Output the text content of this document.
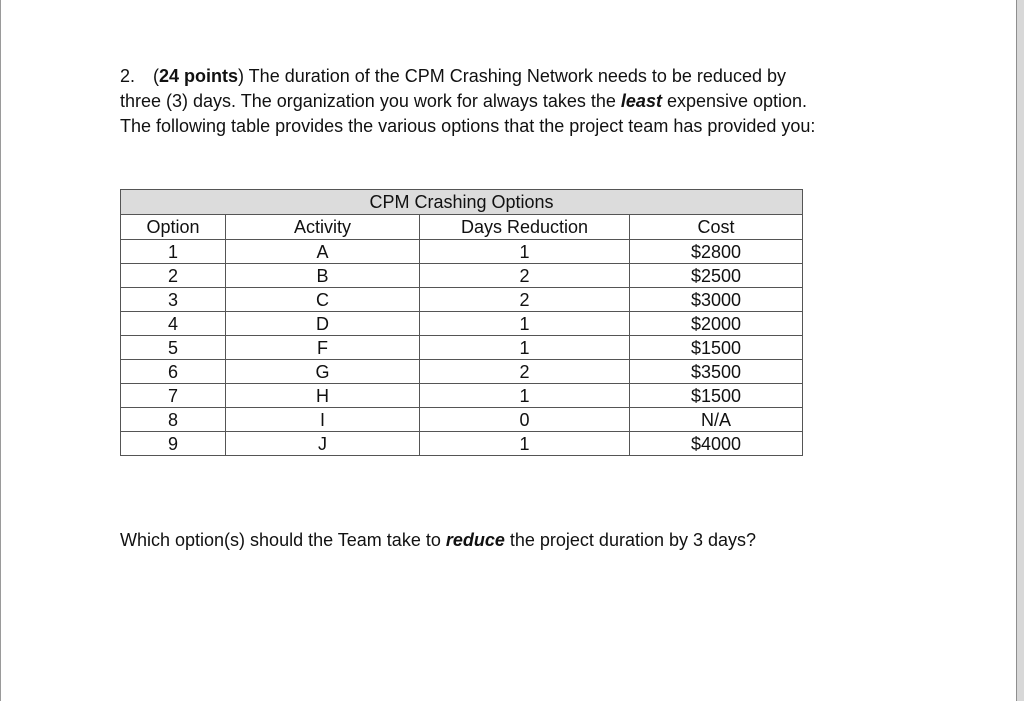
2. (24 points) The duration of the CPM Crashing Network needs to be reduced by

three (3) days. The organization you work for always takes the least expensive option.

The following table provides the various options that the project team has provided you:

CPM Crashing Options			
Option	Activity	Days Reduction	Cost
1	A	1	$2800
2	B	2	$2500
3	C	2	$3000
4	D	1	$2000
5	F	1	$1500
6	G	2	$3500
7	H	1	$1500
8	I	0	N/A
9	J	1	$4000

Which option(s) should the Team take to reduce the project duration by 3 days?
